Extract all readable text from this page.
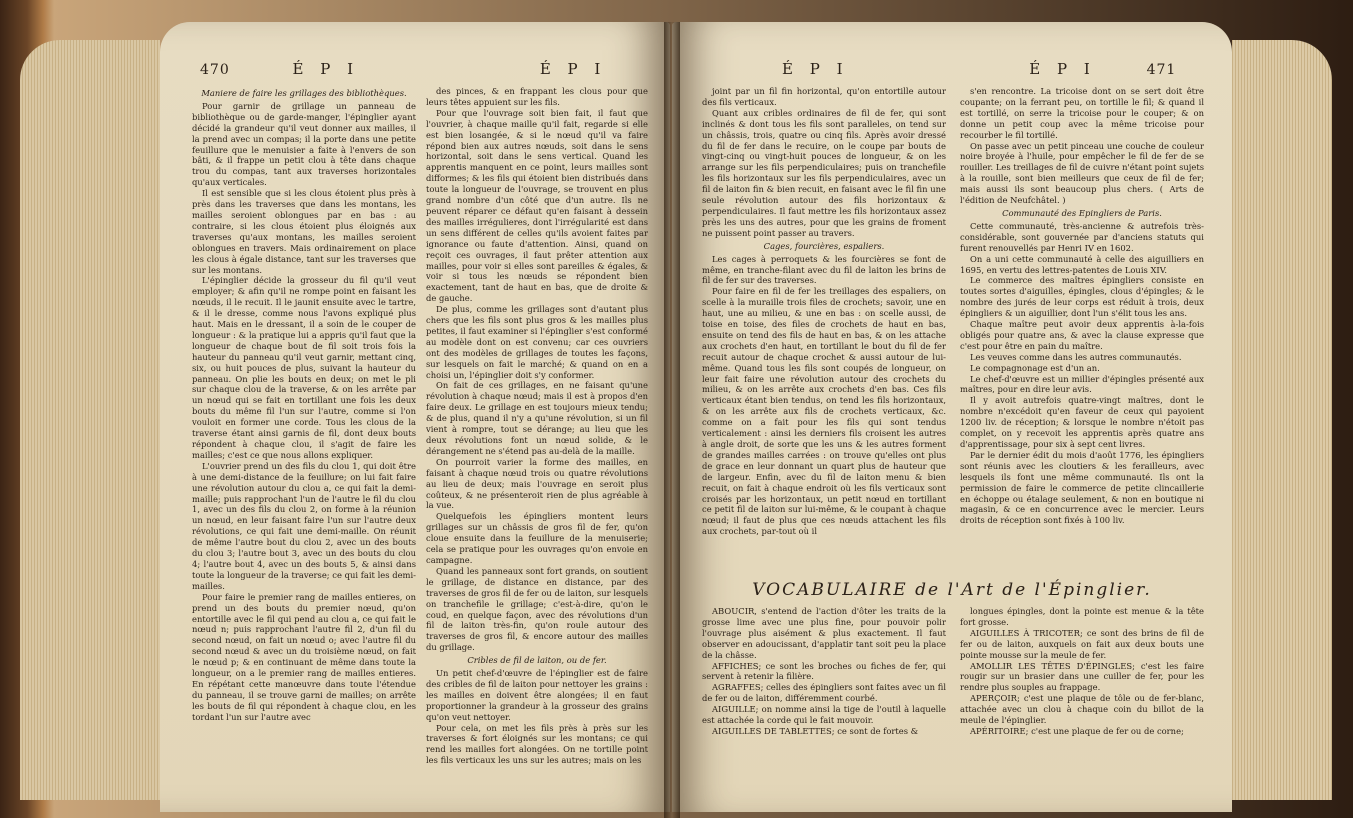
470	É P I	É P I
Maniere de faire les grillages des bibliothèques.

Pour garnir de grillage un panneau de bibliothèque ou de garde-manger, l'épinglier ayant décidé la grandeur qu'il veut donner aux mailles, il la prend avec un compas; il la porte dans une petite feuillure que le menuisier a faite à l'envers de son bâti, & il frappe un petit clou à tête dans chaque trou du compas, tant aux traverses horizontales qu'aux verticales.

Il est sensible que si les clous étoient plus près à près dans les traverses que dans les montans, les mailles seroient oblongues par en bas : au contraire, si les clous étoient plus éloignés aux traverses qu'aux montans, les mailles seroient oblongues en travers. Mais ordinairement on place les clous à égale distance, tant sur les traverses que sur les montans.

L'épinglier décide la grosseur du fil qu'il veut employer; & afin qu'il ne rompe point en faisant les nœuds, il le recuit. Il le jaunit ensuite avec le tartre, & il le dresse, comme nous l'avons expliqué plus haut. Mais en le dressant, il a soin de le couper de longueur : & la pratique lui a appris qu'il faut que la longueur de chaque bout de fil soit trois fois la hauteur du panneau qu'il veut garnir, mettant cinq, six, ou huit pouces de plus, suivant la hauteur du panneau. On plie les bouts en deux; on met le pli sur chaque clou de la traverse, & on les arrête par un nœud qui se fait en tortillant une fois les deux bouts du même fil l'un sur l'autre, comme si l'on vouloit en former une corde. Tous les clous de la traverse étant ainsi garnis de fil, dont deux bouts répondent à chaque clou, il s'agit de faire les mailles; c'est ce que nous allons expliquer.

L'ouvrier prend un des fils du clou 1, qui doit être à une demi-distance de la feuillure; on lui fait faire une révolution autour du clou a, ce qui fait la demi-maille; puis rapprochant l'un de l'autre le fil du clou 1, avec un des fils du clou 2, on forme à la réunion un nœud, en leur faisant faire l'un sur l'autre deux révolutions, ce qui fait une demi-maille. On réunit de même l'autre bout du clou 2, avec un des bouts du clou 3; l'autre bout 3, avec un des bouts du clou 4; l'autre bout 4, avec un des bouts 5, & ainsi dans toute la longueur de la traverse; ce qui fait les demi-mailles.

Pour faire le premier rang de mailles entieres, on prend un des bouts du premier nœud, qu'on entortille avec le fil qui pend au clou a, ce qui fait le nœud n; puis rapprochant l'autre fil 2, d'un fil du second nœud, on fait un nœud o; avec l'autre fil du second nœud & avec un du troisième nœud, on fait le nœud p; & en continuant de même dans toute la longueur, on a le premier rang de mailles entieres. En répétant cette manœuvre dans toute l'étendue du panneau, il se trouve garni de mailles; on arrête les bouts de fil qui répondent à chaque clou, en les tordant l'un sur l'autre avec

des pinces, & en frappant les clous pour que leurs têtes appuient sur les fils.

Pour que l'ouvrage soit bien fait, il faut que l'ouvrier, à chaque maille qu'il fait, regarde si elle est bien losangée, & si le nœud qu'il va faire répond bien aux autres nœuds, soit dans le sens horizontal, soit dans le sens vertical. Quand les apprentis manquent en ce point, leurs mailles sont difformes; & les fils qui étoient bien distribués dans toute la longueur de l'ouvrage, se trouvent en plus grand nombre d'un côté que d'un autre. Ils ne peuvent réparer ce défaut qu'en faisant à dessein des mailles irrégulieres, dont l'irrégularité est dans un sens différent de celles qu'ils avoient faites par ignorance ou faute d'attention. Ainsi, quand on reçoit ces ouvrages, il faut prêter attention aux mailles, pour voir si elles sont pareilles & égales, & voir si tous les nœuds se répondent bien exactement, tant de haut en bas, que de droite & de gauche.

De plus, comme les grillages sont d'autant plus chers que les fils sont plus gros & les mailles plus petites, il faut examiner si l'épinglier s'est conformé au modèle dont on est convenu; car ces ouvriers ont des modèles de grillages de toutes les façons, sur lesquels on fait le marché; & quand on en a choisi un, l'épinglier doit s'y conformer.

On fait de ces grillages, en ne faisant qu'une révolution à chaque nœud; mais il est à propos d'en faire deux. Le grillage en est toujours mieux tendu; & de plus, quand il n'y a qu'une révolution, si un fil vient à rompre, tout se dérange; au lieu que les deux révolutions font un nœud solide, & le dérangement ne s'étend pas au-delà de la maille.

On pourroit varier la forme des mailles, en faisant à chaque nœud trois ou quatre révolutions au lieu de deux; mais l'ouvrage en seroit plus coûteux, & ne présenteroit rien de plus agréable à la vue.

Quelquefois les épingliers montent leurs grillages sur un châssis de gros fil de fer, qu'on cloue ensuite dans la feuillure de la menuiserie; cela se pratique pour les ouvrages qu'on envoie en campagne.

Quand les panneaux sont fort grands, on soutient le grillage, de distance en distance, par des traverses de gros fil de fer ou de laiton, sur lesquels on tranchefile le grillage; c'est-à-dire, qu'on le coud, en quelque façon, avec des révolutions d'un fil de laiton très-fin, qu'on roule autour des traverses de gros fil, & encore autour des mailles du grillage.

Cribles de fil de laiton, ou de fer.

Un petit chef-d'œuvre de l'épinglier est de faire des cribles de fil de laiton pour nettoyer les grains : les mailles en doivent être alongées; il en faut proportionner la grandeur à la grosseur des grains qu'on veut nettoyer.

Pour cela, on met les fils près à près sur les traverses & fort éloignés sur les montans; ce qui rend les mailles fort alongées. On ne tortille point les fils verticaux les uns sur les autres; mais on les

É P I	É P I	471

joint par un fil fin horizontal, qu'on entortille autour des fils verticaux.

Quant aux cribles ordinaires de fil de fer, qui sont inclinés & dont tous les fils sont paralleles, on tend sur un châssis, trois, quatre ou cinq fils. Après avoir dressé du fil de fer dans le recuire, on le coupe par bouts de vingt-cinq ou vingt-huit pouces de longueur, & on les arrange sur les fils perpendiculaires; puis on tranchefile les fils horizontaux sur les fils perpendiculaires, avec un fil de laiton fin & bien recuit, en faisant avec le fil fin une seule révolution autour des fils horizontaux & perpendiculaires. Il faut mettre les fils horizontaux assez près les uns des autres, pour que les grains de froment ne puissent point passer au travers.

Cages, fourcières, espaliers.

Les cages à perroquets & les fourcières se font de même, en tranche-filant avec du fil de laiton les brins de fil de fer sur des traverses.

Pour faire en fil de fer les treillages des espaliers, on scelle à la muraille trois files de crochets; savoir, une en haut, une au milieu, & une en bas : on scelle aussi, de toise en toise, des files de crochets de haut en bas, ensuite on tend des fils de haut en bas, & on les attache aux crochets d'en haut, en tortillant le bout du fil de fer recuit autour de chaque crochet & aussi autour de lui-même. Quand tous les fils sont coupés de longueur, on leur fait faire une révolution autour des crochets du milieu, & on les arrête aux crochets d'en bas. Ces fils verticaux étant bien tendus, on tend les fils horizontaux, & on les arrête aux fils de crochets verticaux, &c. comme on a fait pour les fils qui sont tendus verticalement : ainsi les derniers fils croisent les autres à angle droit, de sorte que les uns & les autres forment de grandes mailles carrées : on trouve qu'elles ont plus de grace en leur donnant un quart plus de hauteur que de largeur. Enfin, avec du fil de laiton menu & bien recuit, on fait à chaque endroit où les fils verticaux sont croisés par les horizontaux, un petit nœud en tortillant ce petit fil de laiton sur lui-même, & le coupant à chaque nœud; il faut de plus que ces nœuds attachent les fils aux crochets, par-tout où il

s'en rencontre. La tricoise dont on se sert doit être coupante; on la ferrant peu, on tortille le fil; & quand il est tortillé, on serre la tricoise pour le couper; & on donne un petit coup avec la même tricoise pour recourber le fil tortillé.

On passe avec un petit pinceau une couche de couleur noire broyée à l'huile, pour empêcher le fil de fer de se rouiller. Les treillages de fil de cuivre n'étant point sujets à la rouille, sont bien meilleurs que ceux de fil de fer; mais aussi ils sont beaucoup plus chers. ( Arts de l'édition de Neufchâtel. )

Communauté des Epingliers de Paris.

Cette communauté, très-ancienne & autrefois très-considérable, sont gouvernée par d'anciens statuts qui furent renouvellés par Henri IV en 1602.

On a uni cette communauté à celle des aiguilliers en 1695, en vertu des lettres-patentes de Louis XIV.

Le commerce des maîtres épingliers consiste en toutes sortes d'aiguilles, épingles, clous d'épingles; & le nombre des jurés de leur corps est réduit à trois, deux épingliers & un aiguillier, dont l'un s'élit tous les ans.

Chaque maître peut avoir deux apprentis à-la-fois obligés pour quatre ans, & avec la clause expresse que c'est pour être en pain du maître.

Les veuves comme dans les autres communautés.

Le compagnonage est d'un an.

Le chef-d'œuvre est un millier d'épingles présenté aux maîtres, pour en dire leur avis.

Il y avoit autrefois quatre-vingt maîtres, dont le nombre n'excédoit qu'en faveur de ceux qui payoient 1200 liv. de réception; & lorsque le nombre n'étoit pas complet, on y recevoit les apprentis après quatre ans d'apprentissage, pour six à sept cent livres.

Par le dernier édit du mois d'août 1776, les épingliers sont réunis avec les cloutiers & les ferailleurs, avec lesquels ils font une même communauté. Ils ont la permission de faire le commerce de petite clincaillerie en échoppe ou étalage seulement, & non en boutique ni magasin, & ce en concurrence avec le mercier. Leurs droits de réception sont fixés à 100 liv.

VOCABULAIRE de l'Art de l'Épinglier.

ABOUCIR, s'entend de l'action d'ôter les traits de la grosse lime avec une plus fine, pour pouvoir polir l'ouvrage plus aisément & plus exactement. Il faut observer en adoucissant, d'applatir tant soit peu la place de la châsse.

AFFICHES; ce sont les broches ou fiches de fer, qui servent à retenir la filière.

AGRAFFES; celles des épingliers sont faites avec un fil de fer ou de laiton, différemment courbé.

AIGUILLE; on nomme ainsi la tige de l'outil à laquelle est attachée la corde qui le fait mouvoir.

AIGUILLES DE TABLETTES; ce sont de fortes &

longues épingles, dont la pointe est menue & la tête fort grosse.

AIGUILLES À TRICOTER; ce sont des brins de fil de fer ou de laiton, auxquels on fait aux deux bouts une pointe mousse sur la meule de fer.

AMOLLIR LES TÊTES D'ÉPINGLES; c'est les faire rougir sur un brasier dans une cuiller de fer, pour les rendre plus souples au frappage.

APERÇOIR; c'est une plaque de tôle ou de fer-blanc, attachée avec un clou à chaque coin du billot de la meule de l'épinglier.

APÉRITOIRE; c'est une plaque de fer ou de corne;
